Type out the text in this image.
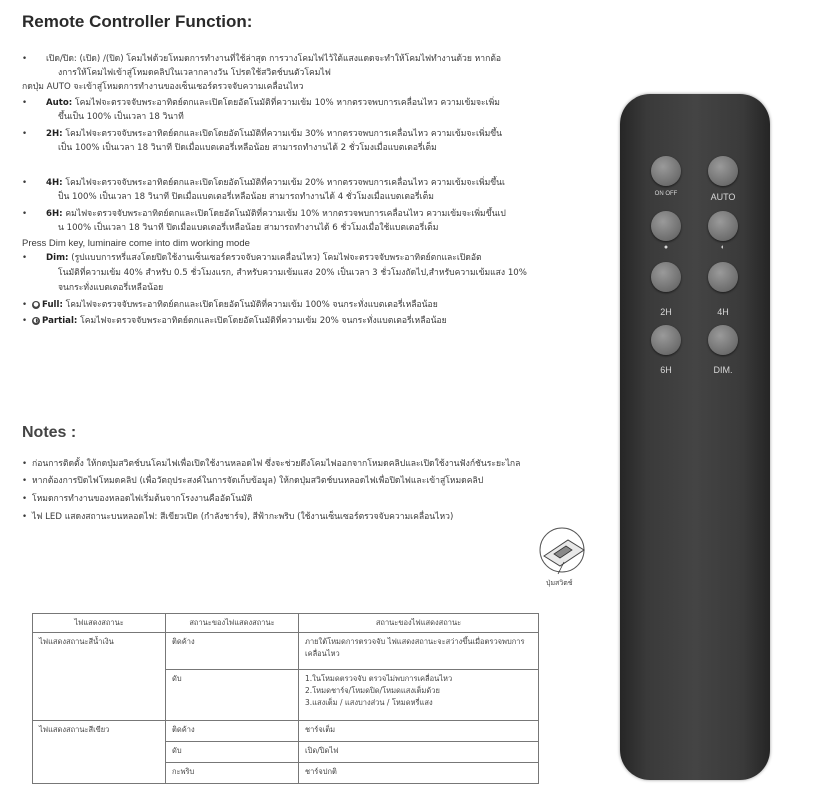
Remote Controller Function:
• เปิด/ปิด: (เปิด) /(ปิด) โคมไฟด้วยโหมดการทำงานที่ใช้ล่าสุด การวางโคมไฟไว้ใต้แสงแดดจะทำให้โคมไฟทำงานด้วย หากต้อ
งการให้โคมไฟเข้าสู่โหมดคลิปในเวลากลางวัน โปรดใช้สวิตช์บนตัวโคมไฟ
กดปุ่ม AUTO จะเข้าสู่โหมดการทำงานของเซ็นเซอร์ตรวจจับความเคลื่อนไหว
• Auto: โคมไฟจะตรวจจับพระอาทิตย์ตกและเปิดโดยอัตโนมัติที่ความเข้ม 10% หากตรวจพบการเคลื่อนไหว ความเข้มจะเพิ่ม
ขึ้นเป็น 100% เป็นเวลา 18 วินาที
• 2H: โคมไฟจะตรวจจับพระอาทิตย์ตกและเปิดโดยอัตโนมัติที่ความเข้ม 30% หากตรวจพบการเคลื่อนไหว ความเข้มจะเพิ่มขึ้น
เป็น 100% เป็นเวลา 18 วินาที ปิดเมื่อแบตเตอรี่เหลือน้อย สามารถทำงานได้ 2 ชั่วโมงเมื่อแบตเตอรี่เต็ม
• 4H: โคมไฟจะตรวจจับพระอาทิตย์ตกและเปิดโดยอัตโนมัติที่ความเข้ม 20% หากตรวจพบการเคลื่อนไหว ความเข้มจะเพิ่มขึ้นเ
ป็น 100% เป็นเวลา 18 วินาที ปิดเมื่อแบตเตอรี่เหลือน้อย สามารถทำงานได้ 4 ชั่วโมงเมื่อแบตเตอรี่เต็ม
• 6H: คมไฟจะตรวจจับพระอาทิตย์ตกและเปิดโดยอัตโนมัติที่ความเข้ม 10% หากตรวจพบการเคลื่อนไหว ความเข้มจะเพิ่มขึ้นเป
น 100% เป็นเวลา 18 วินาที ปิดเมื่อแบตเตอรี่เหลือน้อย สามารถทำงานได้ 6 ชั่วโมงเมื่อใช้แบตเตอรี่เต็ม
Press Dim key, luminaire come into dim working mode
• Dim: (รูปแบบการหรี่แสงโดยปิดใช้งานเซ็นเซอร์ตรวจจับความเคลื่อนไหว) โคมไฟจะตรวจจับพระอาทิตย์ตกและเปิดอัต
โนมัติที่ความเข้ม 40% สำหรับ 0.5 ชั่วโมงแรก, สำหรับความเข้มแสง 20% เป็นเวลา 3 ชั่วโมงถัดไป,สำหรับความเข้มแสง 10%
จนกระทั่งแบตเตอรี่เหลือน้อย
• ● Full: โคมไฟจะตรวจจับพระอาทิตย์ตกและเปิดโดยอัตโนมัติที่ความเข้ม 100% จนกระทั่งแบตเตอรี่เหลือน้อย
• ◐ Partial: โคมไฟจะตรวจจับพระอาทิตย์ตกและเปิดโดยอัตโนมัติที่ความเข้ม 20% จนกระทั่งแบตเตอรี่เหลือน้อย
Notes :
• ก่อนการติดตั้ง ให้กดปุ่มสวิตช์บนโคมไฟเพื่อเปิดใช้งานหลอดไฟ ซึ่งจะช่วยดึงโคมไฟออกจากโหมดคลิปและเปิดใช้งานฟังก์ชันระยะไกล
• หากต้องการปิดไฟโหมดคลิป (เพื่อวัตถุประสงค์ในการจัดเก็บข้อมูล) ให้กดปุ่มสวิตช์บนหลอดไฟเพื่อปิดไฟและเข้าสู่โหมดคลิป
• โหมดการทำงานของหลอดไฟเริ่มต้นจากโรงงานคืออัตโนมัติ
• ไฟ LED แสดงสถานะบนหลอดไฟ: สีเขียวเปิด (กำลังชาร์จ), สีฟ้ากะพริบ (ใช้งานเซ็นเซอร์ตรวจจับความเคลื่อนไหว)
ปุ่มสวิตช์
ไฟแสดงสถานะ	สถานะของไฟแสดงสถานะ	สถานะของไฟแสดงสถานะ
ไฟแสดงสถานะสีน้ำเงิน	ติดค้าง	ภายใต้โหมดการตรวจจับ ไฟแสดงสถานะจะสว่างขึ้นเมื่อตรวจพบการเคลื่อนไหว
	ดับ	1.ในโหมดตรวจจับ ตรวจไม่พบการเคลื่อนไหว
2.โหมดชาร์จ/โหมดปิด/โหมดแสงเต็มด้วย
3.แสงเต็ม / แสงบางส่วน / โหมดหรี่แสง
ไฟแสดงสถานะสีเขียว	ติดค้าง	ชาร์จเต็ม
	ดับ	เปิด/ปิดไฟ
	กะพริบ	ชาร์จปกติ
ON OFF	AUTO
●	◐
2H	4H
6H	DIM.
